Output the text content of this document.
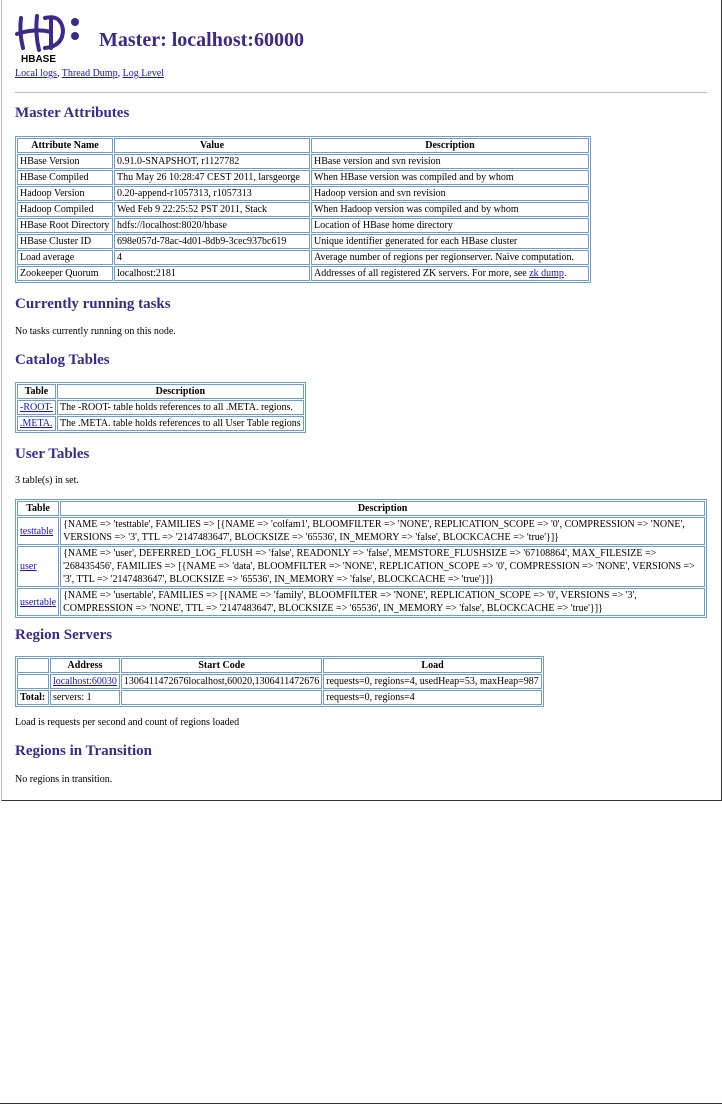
HBASE
Master: localhost:60000
Local logs, Thread Dump, Log Level
Master Attributes
Attribute Name	Value	Description
HBase Version	0.91.0-SNAPSHOT, r1127782	HBase version and svn revision
HBase Compiled	Thu May 26 10:28:47 CEST 2011, larsgeorge	When HBase version was compiled and by whom
Hadoop Version	0.20-append-r1057313, r1057313	Hadoop version and svn revision
Hadoop Compiled	Wed Feb 9 22:25:52 PST 2011, Stack	When Hadoop version was compiled and by whom
HBase Root Directory	hdfs://localhost:8020/hbase	Location of HBase home directory
HBase Cluster ID	698e057d-78ac-4d01-8db9-3cec937bc619	Unique identifier generated for each HBase cluster
Load average	4	Average number of regions per regionserver. Naive computation.
Zookeeper Quorum	localhost:2181	Addresses of all registered ZK servers. For more, see zk dump.
Currently running tasks

No tasks currently running on this node.

Catalog Tables
Table	Description
-ROOT-	The -ROOT- table holds references to all .META. regions.
.META.	The .META. table holds references to all User Table regions
User Tables

3 table(s) in set.

Table	Description
testtable	{NAME => 'testtable', FAMILIES => [{NAME => 'colfam1', BLOOMFILTER => 'NONE', REPLICATION_SCOPE => '0', COMPRESSION => 'NONE', VERSIONS => '3', TTL => '2147483647', BLOCKSIZE => '65536', IN_MEMORY => 'false', BLOCKCACHE => 'true'}]}
user	{NAME => 'user', DEFERRED_LOG_FLUSH => 'false', READONLY => 'false', MEMSTORE_FLUSHSIZE => '67108864', MAX_FILESIZE => '268435456', FAMILIES => [{NAME => 'data', BLOOMFILTER => 'NONE', REPLICATION_SCOPE => '0', COMPRESSION => 'NONE', VERSIONS => '3', TTL => '2147483647', BLOCKSIZE => '65536', IN_MEMORY => 'false', BLOCKCACHE => 'true'}]}
usertable	{NAME => 'usertable', FAMILIES => [{NAME => 'family', BLOOMFILTER => 'NONE', REPLICATION_SCOPE => '0', VERSIONS => '3', COMPRESSION => 'NONE', TTL => '2147483647', BLOCKSIZE => '65536', IN_MEMORY => 'false', BLOCKCACHE => 'true'}]}
Region Servers
	Address	Start Code	Load
	localhost:60030	1306411472676localhost,60020,1306411472676	requests=0, regions=4, usedHeap=53, maxHeap=987
Total:	servers: 1		requests=0, regions=4

Load is requests per second and count of regions loaded

Regions in Transition

No regions in transition.
